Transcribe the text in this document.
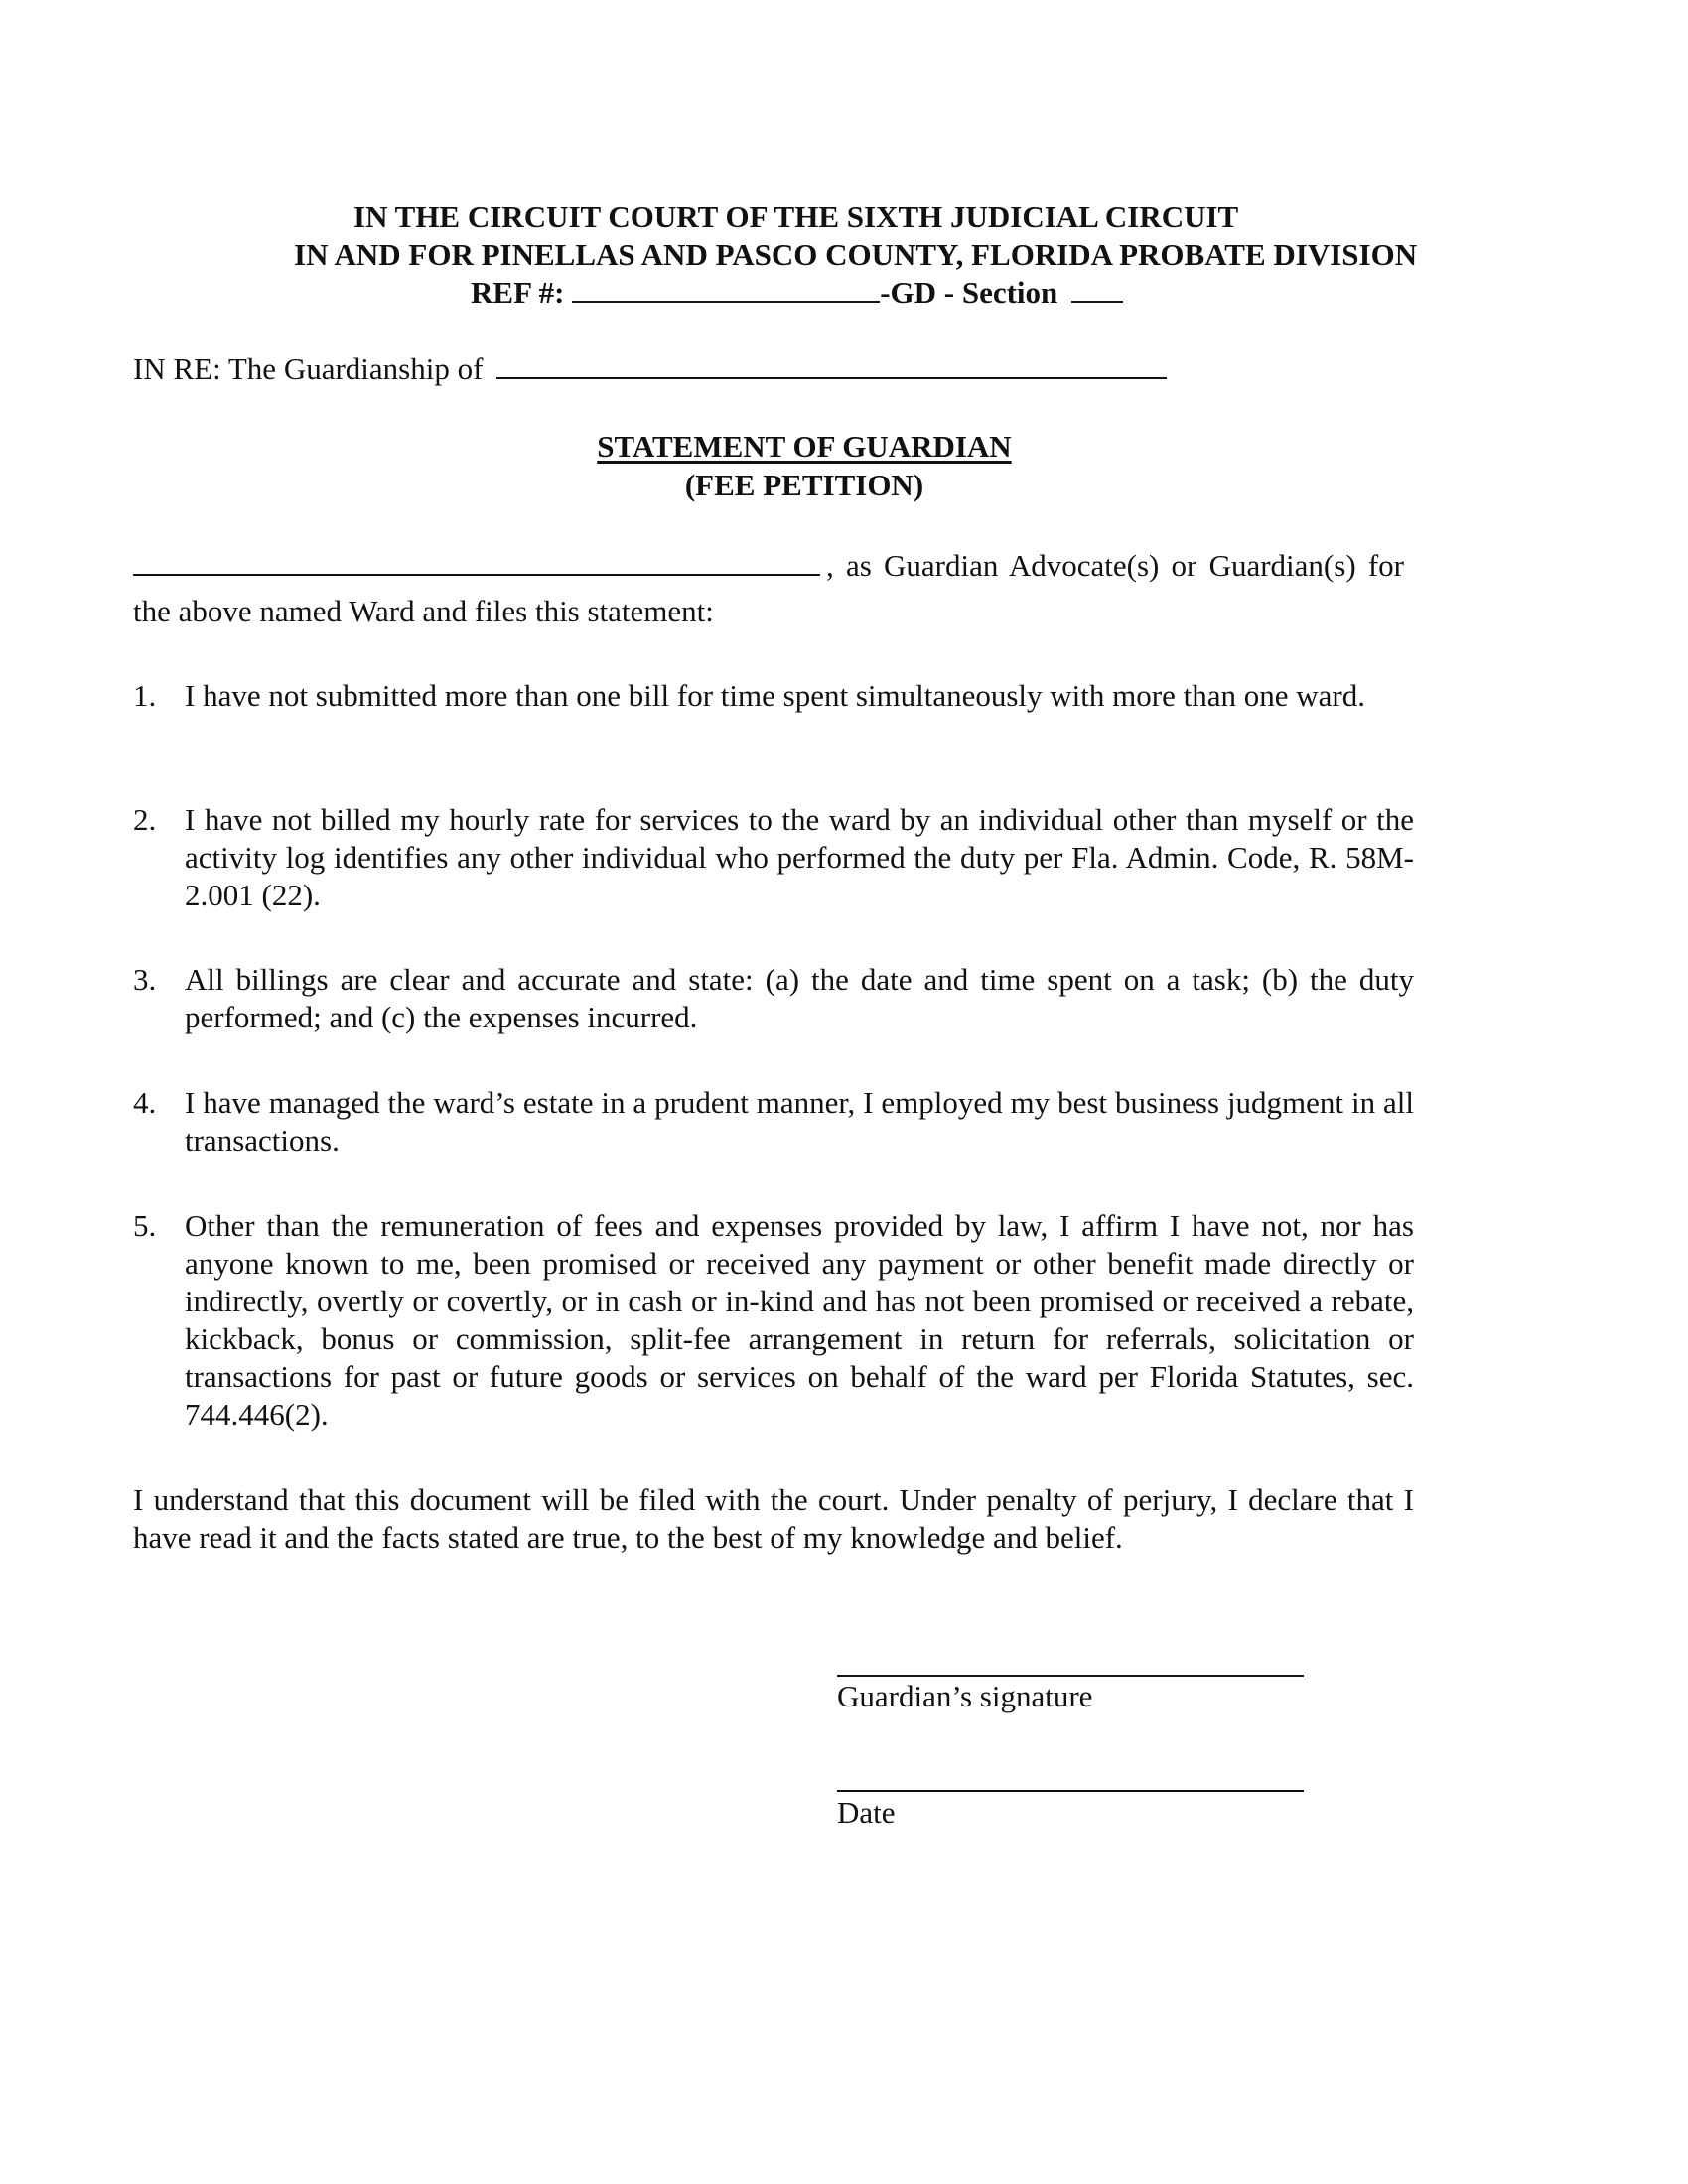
IN THE CIRCUIT COURT OF THE SIXTH JUDICIAL CIRCUIT
IN AND FOR PINELLAS AND PASCO COUNTY, FLORIDA PROBATE DIVISION
REF #:	-GD - Section
IN RE: The Guardianship of
STATEMENT OF GUARDIAN
(FEE PETITION)
, as Guardian Advocate(s) or Guardian(s) for
the above named Ward and files this statement:
1. I have not submitted more than one bill for time spent simultaneously with more than one ward.
2. I have not billed my hourly rate for services to the ward by an individual other than myself or the activity log identifies any other individual who performed the duty per Fla. Admin. Code, R. 58M-2.001 (22).
3. All billings are clear and accurate and state: (a) the date and time spent on a task; (b) the duty performed; and (c) the expenses incurred.
4. I have managed the ward’s estate in a prudent manner, I employed my best business judgment in all transactions.
5. Other than the remuneration of fees and expenses provided by law, I affirm I have not, nor has anyone known to me, been promised or received any payment or other benefit made directly or indirectly, overtly or covertly, or in cash or in-kind and has not been promised or received a rebate, kickback, bonus or commission, split-fee arrangement in return for referrals, solicitation or transactions for past or future goods or services on behalf of the ward per Florida Statutes, sec. 744.446(2).
I understand that this document will be filed with the court. Under penalty of perjury, I declare that I have read it and the facts stated are true, to the best of my knowledge and belief.
Guardian’s signature
Date
